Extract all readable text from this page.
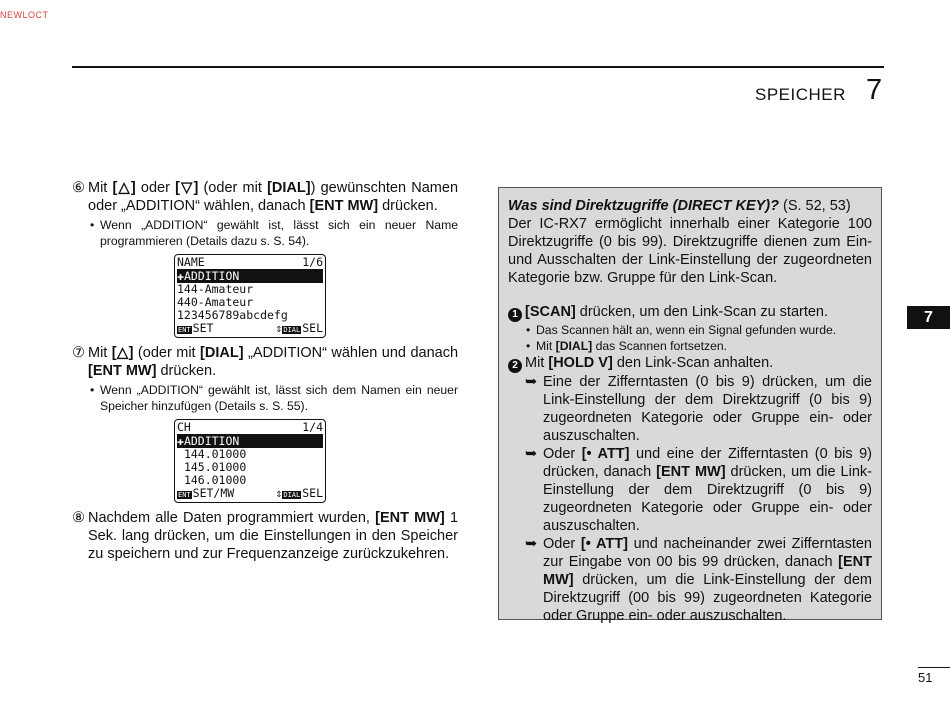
NEWLOCT
SPEICHER 7
7
⑥ Mit [△] oder [▽] (oder mit [DIAL]) gewünschten Namen oder „ADDITION“ wählen, danach [ENT MW] drücken.
• Wenn „ADDITION“ gewählt ist, lässt sich ein neuer Name programmieren (Details dazu s. S. 54).
NAME	1/6
✚ADDITION
144-Amateur
440-Amateur
123456789abcdefg
ENT SET	⇕DIAL SEL
⑦ Mit [△] (oder mit [DIAL] „ADDITION“ wählen und danach [ENT MW] drücken.
• Wenn „ADDITION“ gewählt ist, lässt sich dem Namen ein neuer Speicher hinzufügen (Details s. S. 55).
CH	1/4
✚ADDITION
144.01000
145.01000
146.01000
ENT SET/MW	⇕DIAL SEL
⑧ Nachdem alle Daten programmiert wurden, [ENT MW] 1 Sek. lang drücken, um die Einstellungen in den Speicher zu speichern und zur Frequenzanzeige zurückzukehren.

Was sind Direktzugriffe (DIRECT KEY)? (S. 52, 53)

Der IC-RX7 ermöglicht innerhalb einer Kategorie 100 Direktzugriffe (0 bis 99). Direktzugriffe dienen zum Ein- und Ausschalten der Link-Einstellung der zugeordneten Kategorie bzw. Gruppe für den Link-Scan.

1 [SCAN] drücken, um den Link-Scan zu starten.

• Das Scannen hält an, wenn ein Signal gefunden wurde.
• Mit [DIAL] das Scannen fortsetzen.

2 Mit [HOLD V] den Link-Scan anhalten.

➥ Eine der Zifferntasten (0 bis 9) drücken, um die Link-Einstellung der dem Direktzugriff (0 bis 9) zugeordneten Kategorie oder Gruppe ein- oder auszuschalten.
➥ Oder [• ATT] und eine der Zifferntasten (0 bis 9) drücken, danach [ENT MW] drücken, um die Link-Einstellung der dem Direktzugriff (0 bis 9) zugeordneten Kategorie oder Gruppe ein- oder auszuschalten.
➥ Oder [• ATT] und nacheinander zwei Zifferntasten zur Eingabe von 00 bis 99 drücken, danach [ENT MW] drücken, um die Link-Einstellung der dem Direktzugriff (00 bis 99) zugeordneten Kategorie oder Gruppe ein- oder auszuschalten.
51
